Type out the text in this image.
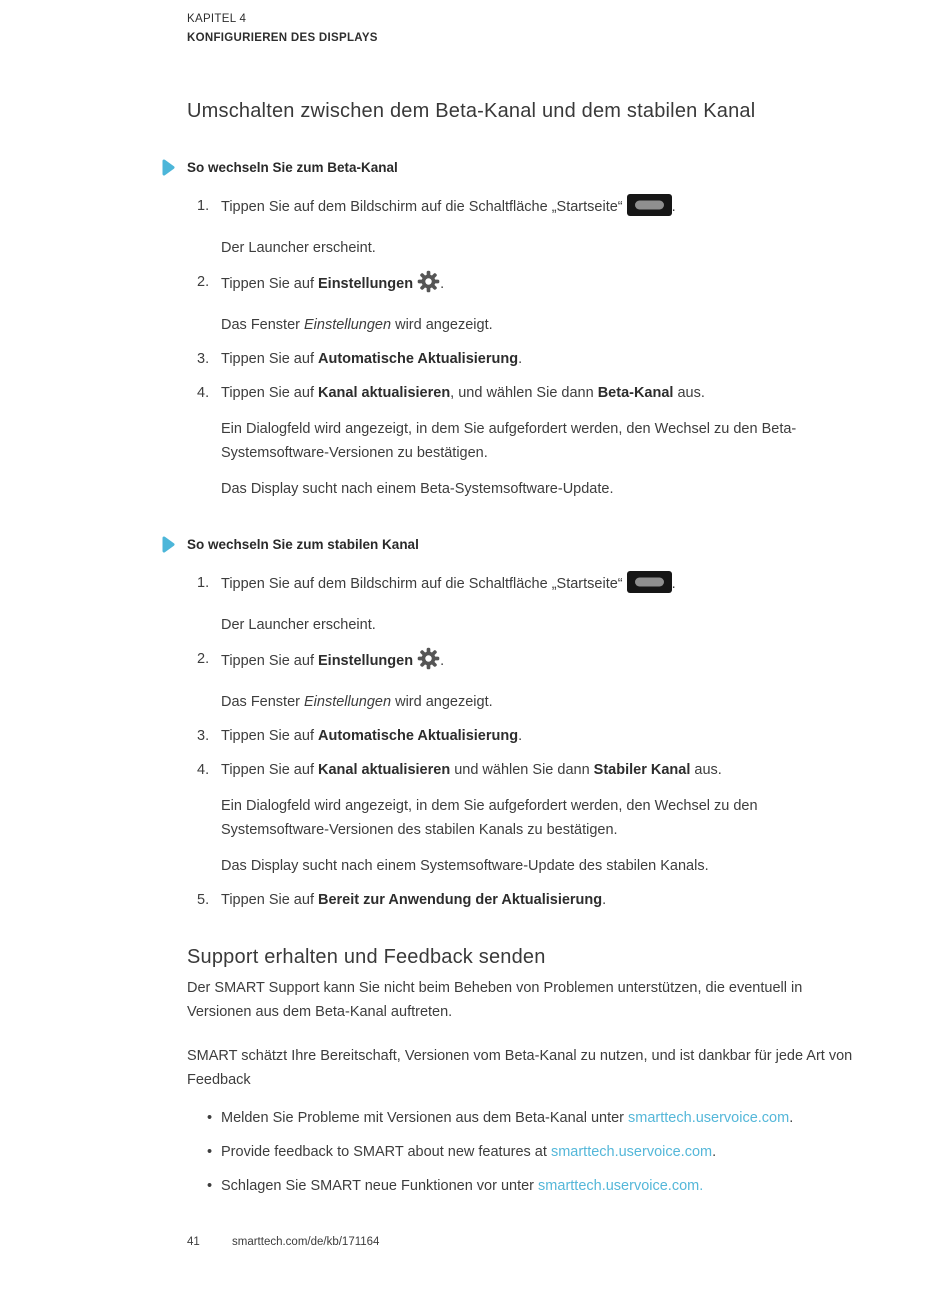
KAPITEL 4
KONFIGURIEREN DES DISPLAYS
Umschalten zwischen dem Beta-Kanal und dem stabilen Kanal
So wechseln Sie zum Beta-Kanal
1. Tippen Sie auf dem Bildschirm auf die Schaltfläche „Startseite“	.

Der Launcher erscheint.

2. Tippen Sie auf Einstellungen .

Das Fenster Einstellungen wird angezeigt.

3. Tippen Sie auf Automatische Aktualisierung.

4. Tippen Sie auf Kanal aktualisieren, und wählen Sie dann Beta-Kanal aus.

Ein Dialogfeld wird angezeigt, in dem Sie aufgefordert werden, den Wechsel zu den Beta-Systemsoftware-Versionen zu bestätigen.

Das Display sucht nach einem Beta-Systemsoftware-Update.

So wechseln Sie zum stabilen Kanal
1. Tippen Sie auf dem Bildschirm auf die Schaltfläche „Startseite“	.

Der Launcher erscheint.

2. Tippen Sie auf Einstellungen .

Das Fenster Einstellungen wird angezeigt.

3. Tippen Sie auf Automatische Aktualisierung.

4. Tippen Sie auf Kanal aktualisieren und wählen Sie dann Stabiler Kanal aus.

Ein Dialogfeld wird angezeigt, in dem Sie aufgefordert werden, den Wechsel zu den Systemsoftware-Versionen des stabilen Kanals zu bestätigen.

Das Display sucht nach einem Systemsoftware-Update des stabilen Kanals.

5. Tippen Sie auf Bereit zur Anwendung der Aktualisierung.

Support erhalten und Feedback senden

Der SMART Support kann Sie nicht beim Beheben von Problemen unterstützen, die eventuell in Versionen aus dem Beta-Kanal auftreten.

SMART schätzt Ihre Bereitschaft, Versionen vom Beta-Kanal zu nutzen, und ist dankbar für jede Art von Feedback

•

Melden Sie Probleme mit Versionen aus dem Beta-Kanal unter smarttech.uservoice.com.

•

Provide feedback to SMART about new features at smarttech.uservoice.com.

•

Schlagen Sie SMART neue Funktionen vor unter smarttech.uservoice.com.

41	smarttech.com/de/kb/171164
